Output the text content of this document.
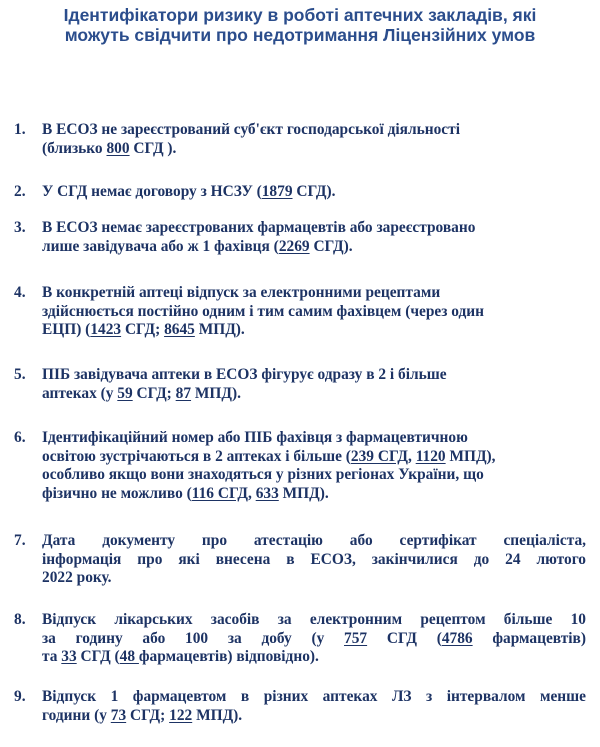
Ідентифікатори ризику в роботі аптечних закладів, які
можуть свідчити про недотримання Ліцензійних умов
1.	В ЕСОЗ не зареєстрований суб'єкт господарської діяльності
(близько 800 СГД ).
2.	У СГД немає договору з НСЗУ (1879 СГД).
3.	В ЕСОЗ немає зареєстрованих фармацевтів або зареєстровано
лише завідувача або ж 1 фахівця (2269 СГД).
4.	В конкретній аптеці відпуск за електронними рецептами
здійснюється постійно одним і тим самим фахівцем (через один
ЕЦП) (1423 СГД; 8645 МПД).
5.	ПІБ завідувача аптеки в ЕСОЗ фігурує одразу в 2 і більше
аптеках (у 59 СГД; 87 МПД).
6.	Ідентифікаційний номер або ПІБ фахівця з фармацевтичною
освітою зустрічаються в 2 аптеках і більше (239 СГД, 1120 МПД),
особливо якщо вони знаходяться у різних регіонах України, що
фізично не можливо (116 СГД, 633 МПД).
7.	Дата документу про атестацію або сертифікат спеціаліста,
інформація про які внесена в ЕСОЗ, закінчилися до 24 лютого
2022 року.
8.	Відпуск лікарських засобів за електронним рецептом більше 10
за годину або 100 за добу (у 757 СГД (4786 фармацевтів)
та 33 СГД (48 фармацевтів) відповідно).
9.	Відпуск 1 фармацевтом в різних аптеках ЛЗ з інтервалом менше
години (у 73 СГД; 122 МПД).
